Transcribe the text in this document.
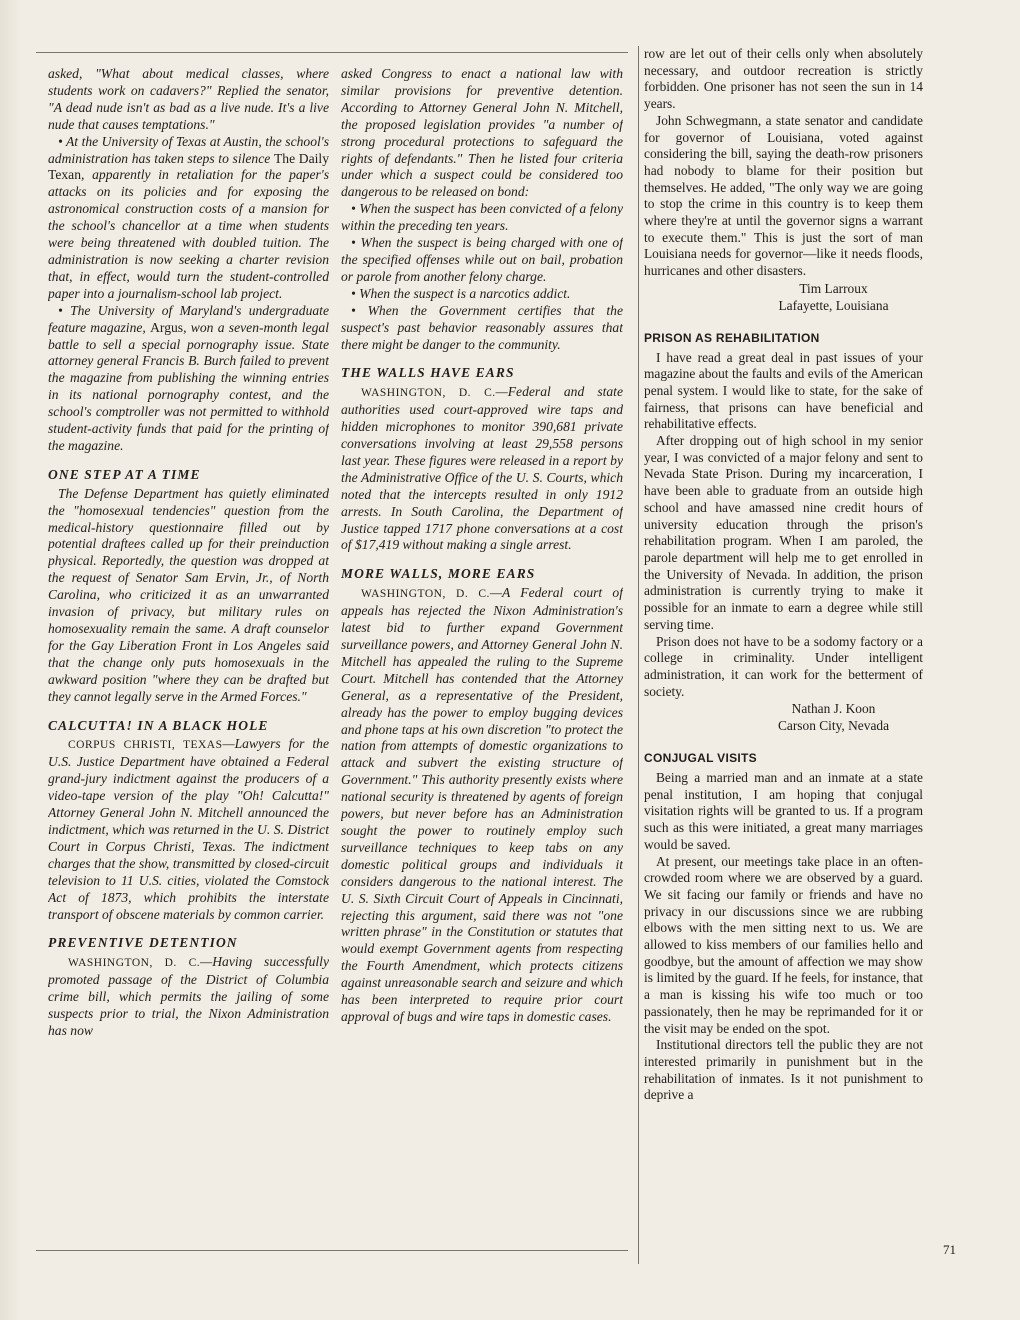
asked, "What about medical classes, where students work on cadavers?" Replied the senator, "A dead nude isn't as bad as a live nude. It's a live nude that causes temptations."

• At the University of Texas at Austin, the school's administration has taken steps to silence The Daily Texan, apparently in retaliation for the paper's attacks on its policies and for exposing the astronomical construction costs of a mansion for the school's chancellor at a time when students were being threatened with doubled tuition. The administration is now seeking a charter revision that, in effect, would turn the student-controlled paper into a journalism-school lab project.

• The University of Maryland's undergraduate feature magazine, Argus, won a seven-month legal battle to sell a special pornography issue. State attorney general Francis B. Burch failed to prevent the magazine from publishing the winning entries in its national pornography contest, and the school's comptroller was not permitted to withhold student-activity funds that paid for the printing of the magazine.

ONE STEP AT A TIME

The Defense Department has quietly eliminated the "homosexual tendencies" question from the medical-history questionnaire filled out by potential draftees called up for their preinduction physical. Reportedly, the question was dropped at the request of Senator Sam Ervin, Jr., of North Carolina, who criticized it as an unwarranted invasion of privacy, but military rules on homosexuality remain the same. A draft counselor for the Gay Liberation Front in Los Angeles said that the change only puts homosexuals in the awkward position "where they can be drafted but they cannot legally serve in the Armed Forces."

CALCUTTA! IN A BLACK HOLE

CORPUS CHRISTI, TEXAS—Lawyers for the U.S. Justice Department have obtained a Federal grand-jury indictment against the producers of a video-tape version of the play "Oh! Calcutta!" Attorney General John N. Mitchell announced the indictment, which was returned in the U. S. District Court in Corpus Christi, Texas. The indictment charges that the show, transmitted by closed-circuit television to 11 U.S. cities, violated the Comstock Act of 1873, which prohibits the interstate transport of obscene materials by common carrier.

PREVENTIVE DETENTION

WASHINGTON, D. C.—Having successfully promoted passage of the District of Columbia crime bill, which permits the jailing of some suspects prior to trial, the Nixon Administration has now

asked Congress to enact a national law with similar provisions for preventive detention. According to Attorney General John N. Mitchell, the proposed legislation provides "a number of strong procedural protections to safeguard the rights of defendants." Then he listed four criteria under which a suspect could be considered too dangerous to be released on bond:

• When the suspect has been convicted of a felony within the preceding ten years.

• When the suspect is being charged with one of the specified offenses while out on bail, probation or parole from another felony charge.

• When the suspect is a narcotics addict.

• When the Government certifies that the suspect's past behavior reasonably assures that there might be danger to the community.

THE WALLS HAVE EARS

WASHINGTON, D. C.—Federal and state authorities used court-approved wire taps and hidden microphones to monitor 390,681 private conversations involving at least 29,558 persons last year. These figures were released in a report by the Administrative Office of the U. S. Courts, which noted that the intercepts resulted in only 1912 arrests. In South Carolina, the Department of Justice tapped 1717 phone conversations at a cost of $17,419 without making a single arrest.

MORE WALLS, MORE EARS

WASHINGTON, D. C.—A Federal court of appeals has rejected the Nixon Administration's latest bid to further expand Government surveillance powers, and Attorney General John N. Mitchell has appealed the ruling to the Supreme Court. Mitchell has contended that the Attorney General, as a representative of the President, already has the power to employ bugging devices and phone taps at his own discretion "to protect the nation from attempts of domestic organizations to attack and subvert the existing structure of Government." This authority presently exists where national security is threatened by agents of foreign powers, but never before has an Administration sought the power to routinely employ such surveillance techniques to keep tabs on any domestic political groups and individuals it considers dangerous to the national interest. The U. S. Sixth Circuit Court of Appeals in Cincinnati, rejecting this argument, said there was not "one written phrase" in the Constitution or statutes that would exempt Government agents from respecting the Fourth Amendment, which protects citizens against unreasonable search and seizure and which has been interpreted to require prior court approval of bugs and wire taps in domestic cases.

row are let out of their cells only when absolutely necessary, and outdoor recreation is strictly forbidden. One prisoner has not seen the sun in 14 years.

John Schwegmann, a state senator and candidate for governor of Louisiana, voted against considering the bill, saying the death-row prisoners had nobody to blame for their position but themselves. He added, "The only way we are going to stop the crime in this country is to keep them where they're at until the governor signs a warrant to execute them." This is just the sort of man Louisiana needs for governor—like it needs floods, hurricanes and other disasters.

Tim Larroux
Lafayette, Louisiana
PRISON AS REHABILITATION

I have read a great deal in past issues of your magazine about the faults and evils of the American penal system. I would like to state, for the sake of fairness, that prisons can have beneficial and rehabilitative effects.

After dropping out of high school in my senior year, I was convicted of a major felony and sent to Nevada State Prison. During my incarceration, I have been able to graduate from an outside high school and have amassed nine credit hours of university education through the prison's rehabilitation program. When I am paroled, the parole department will help me to get enrolled in the University of Nevada. In addition, the prison administration is currently trying to make it possible for an inmate to earn a degree while still serving time.

Prison does not have to be a sodomy factory or a college in criminality. Under intelligent administration, it can work for the betterment of society.

Nathan J. Koon
Carson City, Nevada
CONJUGAL VISITS

Being a married man and an inmate at a state penal institution, I am hoping that conjugal visitation rights will be granted to us. If a program such as this were initiated, a great many marriages would be saved.

At present, our meetings take place in an often-crowded room where we are observed by a guard. We sit facing our family or friends and have no privacy in our discussions since we are rubbing elbows with the men sitting next to us. We are allowed to kiss members of our families hello and goodbye, but the amount of affection we may show is limited by the guard. If he feels, for instance, that a man is kissing his wife too much or too passionately, then he may be reprimanded for it or the visit may be ended on the spot.

Institutional directors tell the public they are not interested primarily in punishment but in the rehabilitation of inmates. Is it not punishment to deprive a

71
